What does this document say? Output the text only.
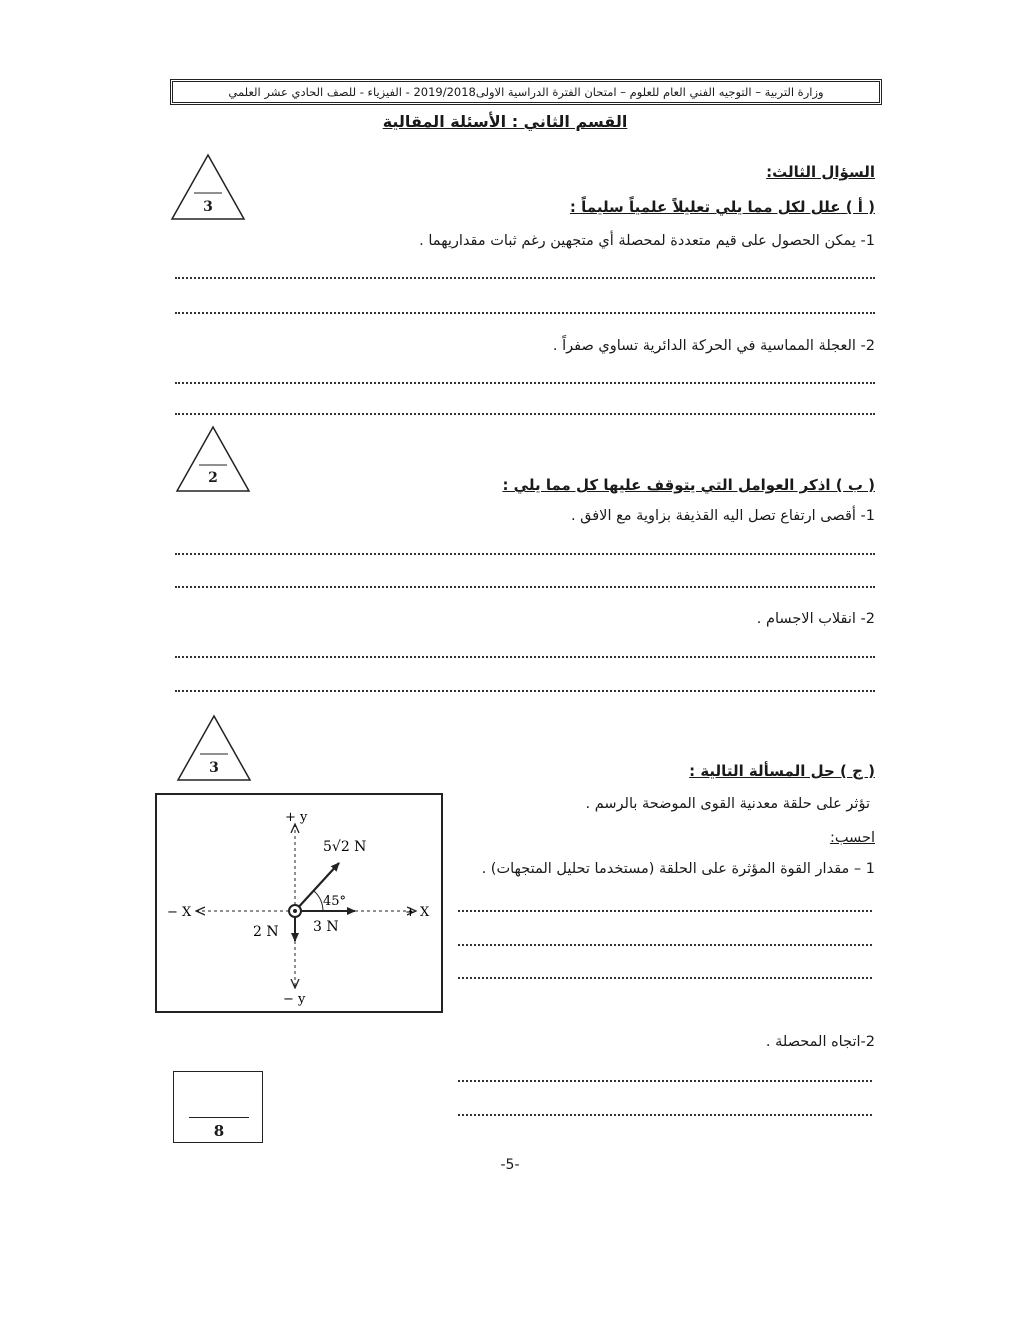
وزارة التربية – التوجيه الفني العام للعلوم – امتحان الفترة الدراسية الاولى2019/2018 - الفيزياء - للصف الحادي عشر العلمي
القسم الثاني : الأسئلة المقالية
السؤال الثالث:
3	( أ ) علل لكل مما يلي تعليلاً علمياً سليماً :
1- يمكن الحصول على قيم متعددة لمحصلة أي متجهين رغم ثبات مقداريهما .
2- العجلة المماسية في الحركة الدائرية تساوي صفراً .
2	( ب ) اذكر العوامل التي يتوقف عليها كل مما يلي :
1- أقصى ارتفاع تصل اليه القذيفة بزاوية مع الافق .
2- انقلاب الاجسام .
3	( ج ) حل المسألة التالية :
تؤثر على حلقة معدنية القوى الموضحة بالرسم .
احسب:
1 – مقدار القوة المؤثرة على الحلقة (مستخدما تحليل المتجهات) .
2-اتجاه المحصلة .
+ y
− y
+ X
− X
5√2 N
3 N
2 N
45°
8
-5-
